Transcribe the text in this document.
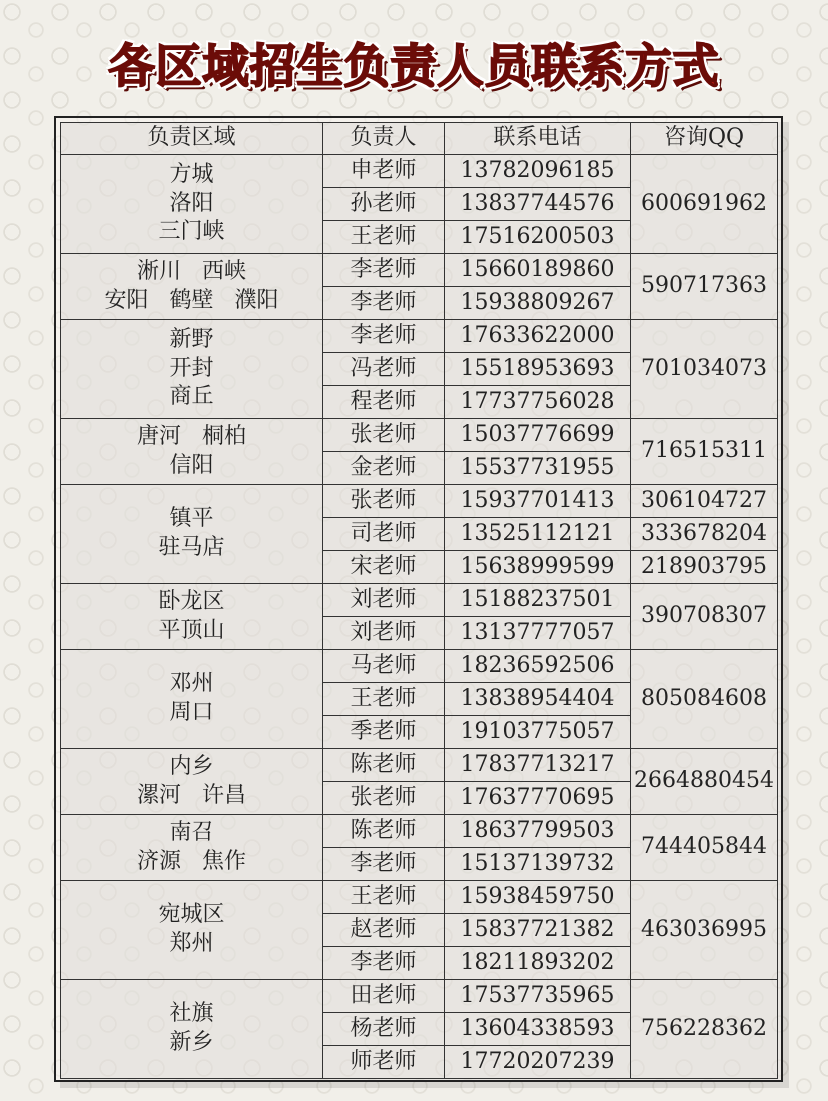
各区域招生负责人员联系方式
负责区域	负责人	联系电话	咨询QQ

方城
洛阳
三门峡	申老师	13782096185	600691962
	孙老师	13837744576	
	王老师	17516200503	

淅川   西峡
安阳   鹤壁   濮阳	李老师	15660189860	590717363
	李老师	15938809267	

新野
开封
商丘	李老师	17633622000	701034073
	冯老师	15518953693	
	程老师	17737756028	

唐河   桐柏
信阳	张老师	15037776699	716515311
	金老师	15537731955	

镇平
驻马店	张老师	15937701413	306104727
	司老师	13525112121	333678204
	宋老师	15638999599	218903795

卧龙区
平顶山	刘老师	15188237501	390708307
	刘老师	13137777057	

邓州
周口	马老师	18236592506	805084608
	王老师	13838954404	
	季老师	19103775057	

内乡
漯河   许昌	陈老师	17837713217	2664880454
	张老师	17637770695	

南召
济源   焦作	陈老师	18637799503	744405844
	李老师	15137139732	

宛城区
郑州	王老师	15938459750	463036995
	赵老师	15837721382	
	李老师	18211893202	

社旗
新乡	田老师	17537735965	756228362
	杨老师	13604338593	
	师老师	17720207239	
